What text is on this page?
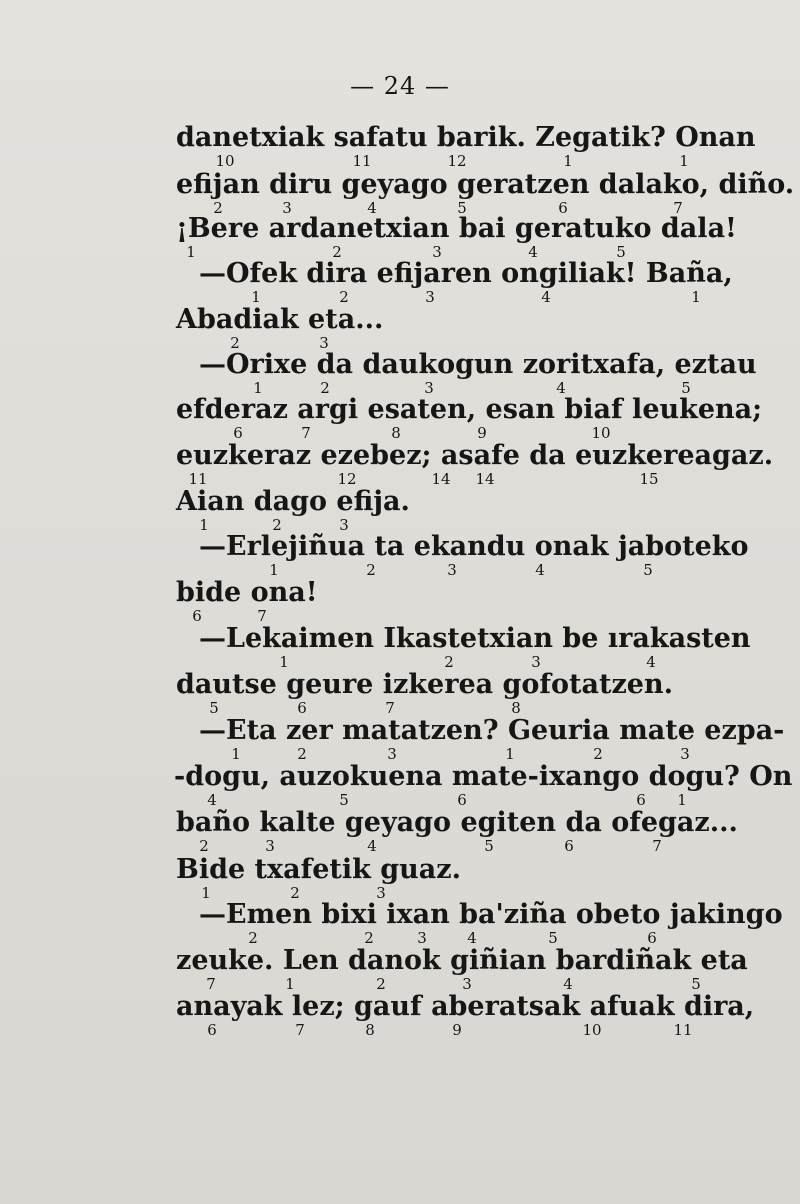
— 24 —
danetxiak safatu barik. Zegatik? Onan
10	11	12	1	1
efijan diru geyago geratzen dalako, diño.
2	3	4	5	6	7
¡Bere ardanetxian bai geratuko dala!
1	2	3	4	5
—Ofek dira efijaren ongiliak! Baña,
1	2	3	4	1
Abadiak eta...
2	3
—Orixe da daukogun zoritxafa, eztau
1	2	3	4	5
efderaz argi esaten, esan biaf leukena;
6	7	8	9	10
euzkeraz ezebez; asafe da euzkereagaz.
11	12	14 14	15
Aian dago efija.
1	2	3
—Erlejiñua ta ekandu onak jaboteko
1	2	3	4	5
bide ona!
6	7
—Lekaimen Ikastetxian be ırakasten
1	2	3	4
dautse geure izkerea gofotatzen.
5	6	7	8
—Eta zer matatzen? Geuria mate ezpa-
1	2	3	1	2	3
-dogu, auzokuena mate-ixango dogu? On
4	5	6	6 1
baño kalte geyago egiten da ofegaz...
2	3	4	5	6	7
Bide txafetik guaz.
1	2	3
—Emen bixi ixan ba'ziña obeto jakingo
2	2	3	4	5	6
zeuke. Len danok giñian bardiñak eta
7	1	2	3	4	5
anayak lez; gauf aberatsak afuak dira,
6	7	8	9	10	11
